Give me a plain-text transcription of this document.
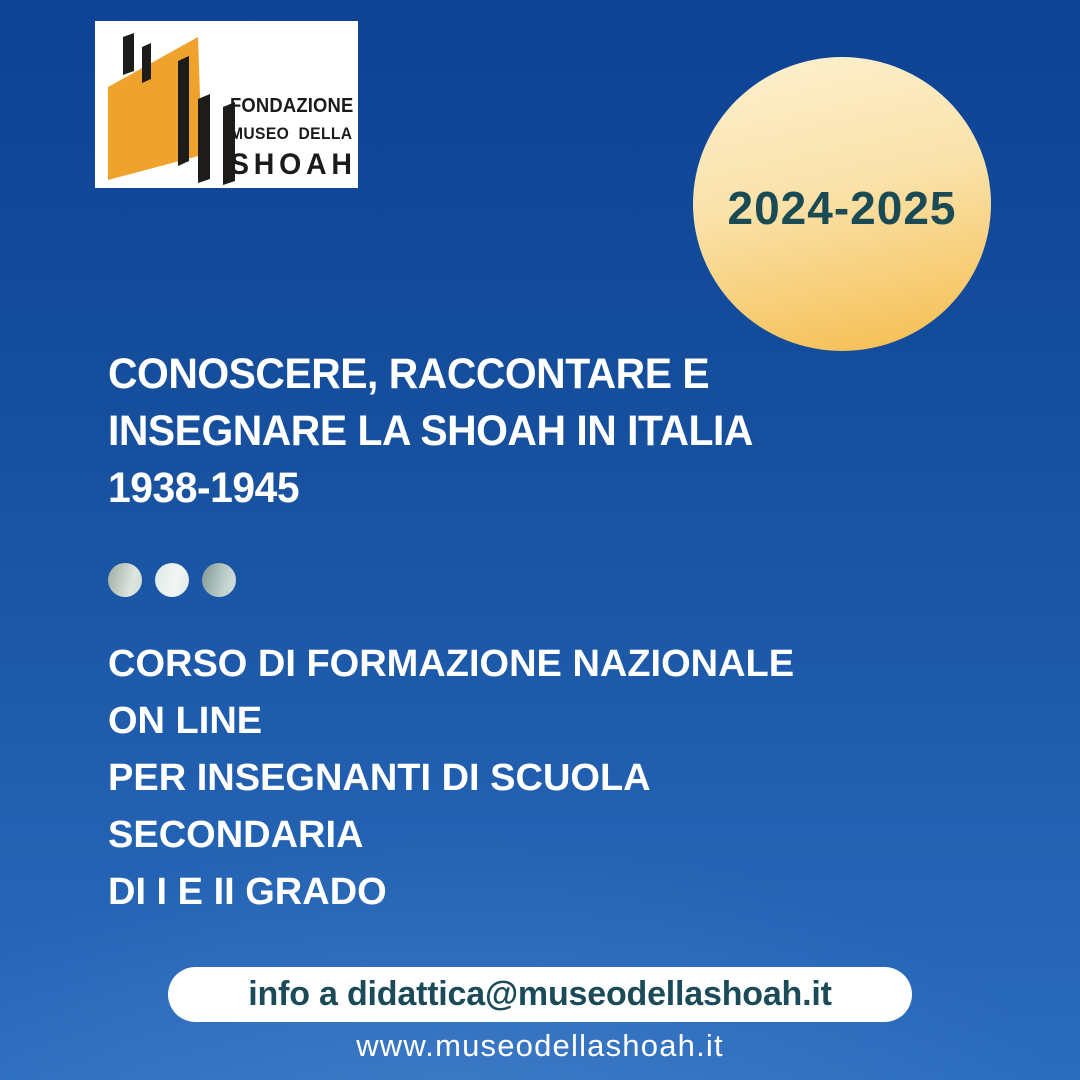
FONDAZIONE
MUSEO DELLA
SHOAH
2024-2025
CONOSCERE, RACCONTARE E
INSEGNARE LA SHOAH IN ITALIA
1938-1945
CORSO DI FORMAZIONE NAZIONALE
ON LINE
PER INSEGNANTI DI SCUOLA
SECONDARIA
DI I E II GRADO
info a didattica@museodellashoah.it
www.museodellashoah.it
